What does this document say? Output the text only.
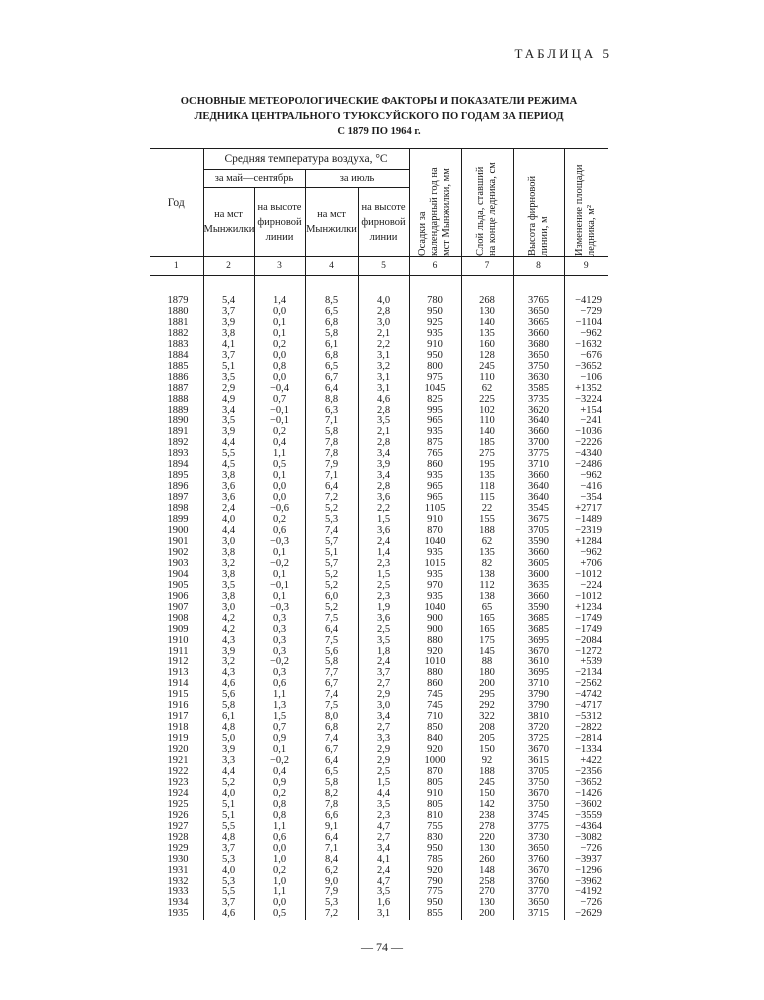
ТАБЛИЦА 5

ОСНОВНЫЕ МЕТЕОРОЛОГИЧЕСКИЕ ФАКТОРЫ И ПОКАЗАТЕЛИ РЕЖИМА
ЛЕДНИКА ЦЕНТРАЛЬНОГО ТУЮКСУЙСКОГО ПО ГОДАМ ЗА ПЕРИОД
С 1879 ПО 1964 г.

Год	Средняя температура воздуха, °С				Осадки за календарный год на мст Мынжилки, мм	Слой льда, ставший на конце ледника, см	Высота фирновой линии, м	Изменение площади ледника, м²

	за май—сентябрь		за июль					
	на мст Мынжилки	на высоте фирновой линии	на мст Мынжилки	на высоте фирновой линии				
1	2	3	4	5	6	7	8	9

1879	5,4	1,4	8,5	4,0	780	268	3765	−4129
1880	3,7	0,0	6,5	2,8	950	130	3650	−729
1881	3,9	0,1	6,8	3,0	925	140	3665	−1104
1882	3,8	0,1	5,8	2,1	935	135	3660	−962
1883	4,1	0,2	6,1	2,2	910	160	3680	−1632
1884	3,7	0,0	6,8	3,1	950	128	3650	−676
1885	5,1	0,8	6,5	3,2	800	245	3750	−3652
1886	3,5	0,0	6,7	3,1	975	110	3630	−106
1887	2,9	−0,4	6,4	3,1	1045	62	3585	+1352
1888	4,9	0,7	8,8	4,6	825	225	3735	−3224
1889	3,4	−0,1	6,3	2,8	995	102	3620	+154
1890	3,5	−0,1	7,1	3,5	965	110	3640	−241
1891	3,9	0,2	5,8	2,1	935	140	3660	−1036
1892	4,4	0,4	7,8	2,8	875	185	3700	−2226
1893	5,5	1,1	7,8	3,4	765	275	3775	−4340
1894	4,5	0,5	7,9	3,9	860	195	3710	−2486
1895	3,8	0,1	7,1	3,4	935	135	3660	−962
1896	3,6	0,0	6,4	2,8	965	118	3640	−416
1897	3,6	0,0	7,2	3,6	965	115	3640	−354
1898	2,4	−0,6	5,2	2,2	1105	22	3545	+2717
1899	4,0	0,2	5,3	1,5	910	155	3675	−1489
1900	4,4	0,6	7,4	3,6	870	188	3705	−2319
1901	3,0	−0,3	5,7	2,4	1040	62	3590	+1284
1902	3,8	0,1	5,1	1,4	935	135	3660	−962
1903	3,2	−0,2	5,7	2,3	1015	82	3605	+706
1904	3,8	0,1	5,2	1,5	935	138	3600	−1012
1905	3,5	−0,1	5,2	2,5	970	112	3635	−224
1906	3,8	0,1	6,0	2,3	935	138	3660	−1012
1907	3,0	−0,3	5,2	1,9	1040	65	3590	+1234
1908	4,2	0,3	7,5	3,6	900	165	3685	−1749
1909	4,2	0,3	6,4	2,5	900	165	3685	−1749
1910	4,3	0,3	7,5	3,5	880	175	3695	−2084
1911	3,9	0,3	5,6	1,8	920	145	3670	−1272
1912	3,2	−0,2	5,8	2,4	1010	88	3610	+539
1913	4,3	0,3	7,7	3,7	880	180	3695	−2134
1914	4,6	0,6	6,7	2,7	860	200	3710	−2562
1915	5,6	1,1	7,4	2,9	745	295	3790	−4742
1916	5,8	1,3	7,5	3,0	745	292	3790	−4717
1917	6,1	1,5	8,0	3,4	710	322	3810	−5312
1918	4,8	0,7	6,8	2,7	850	208	3720	−2822
1919	5,0	0,9	7,4	3,3	840	205	3725	−2814
1920	3,9	0,1	6,7	2,9	920	150	3670	−1334
1921	3,3	−0,2	6,4	2,9	1000	92	3615	+422
1922	4,4	0,4	6,5	2,5	870	188	3705	−2356
1923	5,2	0,9	5,8	1,5	805	245	3750	−3652
1924	4,0	0,2	8,2	4,4	910	150	3670	−1426
1925	5,1	0,8	7,8	3,5	805	142	3750	−3602
1926	5,1	0,8	6,6	2,3	810	238	3745	−3559
1927	5,5	1,1	9,1	4,7	755	278	3775	−4364
1928	4,8	0,6	6,4	2,7	830	220	3730	−3082
1929	3,7	0,0	7,1	3,4	950	130	3650	−726
1930	5,3	1,0	8,4	4,1	785	260	3760	−3937
1931	4,0	0,2	6,2	2,4	920	148	3670	−1296
1932	5,3	1,0	9,0	4,7	790	258	3760	−3962
1933	5,5	1,1	7,9	3,5	775	270	3770	−4192
1934	3,7	0,0	5,3	1,6	950	130	3650	−726
1935	4,6	0,5	7,2	3,1	855	200	3715	−2629

— 74 —
